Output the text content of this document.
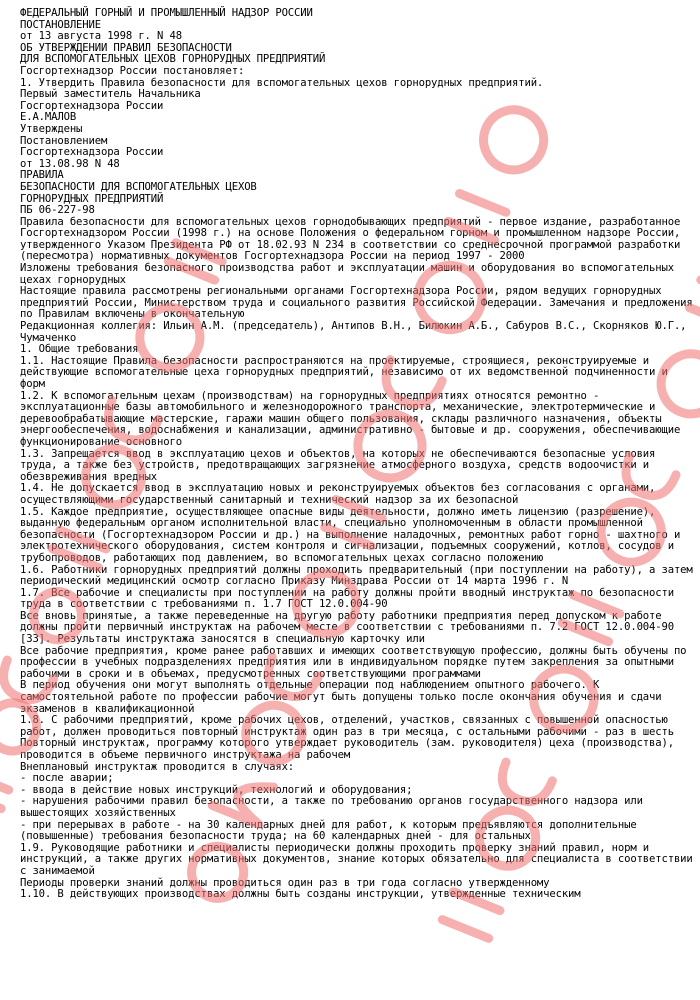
ФЕДЕРАЛЬНЫЙ ГОРНЫЙ И ПРОМЫШЛЕННЫЙ НАДЗОР РОССИИ
ПОСТАНОВЛЕНИЕ
от 13 августа 1998 г. N 48
ОБ УТВЕРЖДЕНИИ ПРАВИЛ БЕЗОПАСНОСТИ
ДЛЯ ВСПОМОГАТЕЛЬНЫХ ЦЕХОВ ГОРНОРУДНЫХ ПРЕДПРИЯТИЙ
Госгортехнадзор России постановляет:
1. Утвердить Правила безопасности для вспомогательных цехов горнорудных предприятий.
Первый заместитель Начальника
Госгортехнадзора России
Е.А.МАЛОВ
Утверждены
Постановлением
Госгортехнадзора России
от 13.08.98 N 48
ПРАВИЛА
БЕЗОПАСНОСТИ ДЛЯ ВСПОМОГАТЕЛЬНЫХ ЦЕХОВ
ГОРНОРУДНЫХ ПРЕДПРИЯТИЙ
ПБ 06-227-98
Правила безопасности для вспомогательных цехов горнодобывающих предприятий - первое издание, разработанное Госгортехнадзором России (1998 г.) на основе Положения о федеральном горном и промышленном надзоре России, утвержденного Указом Президента РФ от 18.02.93 N 234 в соответствии со среднесрочной программой разработки (пересмотра) нормативных документов Госгортехнадзора России на период 1997 - 2000
Изложены требования безопасного производства работ и эксплуатации машин и оборудования во вспомогательных цехах горнорудных
Настоящие правила рассмотрены региональными органами Госгортехнадзора России, рядом ведущих горнорудных предприятий России, Министерством труда и социального развития Российской Федерации. Замечания и предложения по Правилам включены в окончательную
Редакционная коллегия: Ильин А.М. (председатель), Антипов В.Н., Билюкин А.Б., Сабуров В.С., Скорняков Ю.Г., Чумаченко
1. Общие требования
1.1. Настоящие Правила безопасности распространяются на проектируемые, строящиеся, реконструируемые и действующие вспомогательные цеха горнорудных предприятий, независимо от их ведомственной подчиненности и форм
1.2. К вспомогательным цехам (производствам) на горнорудных предприятиях относятся ремонтно - эксплуатационные базы автомобильного и железнодорожного транспорта, механические, электротермические и деревообрабатывающие мастерские, гаражи машин общего пользования, склады различного назначения, объекты энергообеспечения, водоснабжения и канализации, административно - бытовые и др. сооружения, обеспечивающие функционирование основного
1.3. Запрещается ввод в эксплуатацию цехов и объектов, на которых не обеспечиваются безопасные условия труда, а также без устройств, предотвращающих загрязнение атмосферного воздуха, средств водоочистки и обезвреживания вредных
1.4. Не допускается ввод в эксплуатацию новых и реконструируемых объектов без согласования с органами, осуществляющими государственный санитарный и технический надзор за их безопасной
1.5. Каждое предприятие, осуществляющее опасные виды деятельности, должно иметь лицензию (разрешение), выданную федеральным органом исполнительной власти, специально уполномоченным в области промышленной безопасности (Госгортехнадзором России и др.) на выполнение наладочных, ремонтных работ горно - шахтного и электротехнического оборудования, систем контроля и сигнализации, подъемных сооружений, котлов, сосудов и трубопроводов, работающих под давлением, во вспомогательных цехах согласно положению
1.6. Работники горнорудных предприятий должны проходить предварительный (при поступлении на работу), а затем периодический медицинский осмотр согласно Приказу Минздрава России от 14 марта 1996 г. N
1.7. Все рабочие и специалисты при поступлении на работу должны пройти вводный инструктаж по безопасности труда в соответствии с требованиями п. 1.7 ГОСТ 12.0.004-90
Все вновь принятые, а также переведенные на другую работу работники предприятия перед допуском к работе должны пройти первичный инструктаж на рабочем месте в соответствии с требованиями п. 7.2 ГОСТ 12.0.004-90 [33]. Результаты инструктажа заносятся в специальную карточку или
Все рабочие предприятия, кроме ранее работавших и имеющих соответствующую профессию, должны быть обучены по профессии в учебных подразделениях предприятия или в индивидуальном порядке путем закрепления за опытными рабочими в сроки и в объемах, предусмотренных соответствующими программами
В период обучения они могут выполнять отдельные операции под наблюдением опытного рабочего. К самостоятельной работе по профессии рабочие могут быть допущены только после окончания обучения и сдачи экзаменов в квалификационной
1.8. С рабочими предприятий, кроме рабочих цехов, отделений, участков, связанных с повышенной опасностью работ, должен проводиться повторный инструктаж один раз в три месяца, с остальными рабочими - раз в шесть
Повторный инструктаж, программу которого утверждает руководитель (зам. руководителя) цеха (производства), проводится в объеме первичного инструктажа на рабочем
Внеплановый инструктаж проводится в случаях:
- после аварии;
- ввода в действие новых инструкций, технологий и оборудования;
- нарушения рабочими правил безопасности, а также по требованию органов государственного надзора или вышестоящих хозяйственных
- при перерывах в работе - на 30 календарных дней для работ, к которым предъявляются дополнительные (повышенные) требования безопасности труда; на 60 календарных дней - для остальных
1.9. Руководящие работники и специалисты периодически должны проходить проверку знаний правил, норм и инструкций, а также других нормативных документов, знание которых обязательно для специалиста в соответствии с занимаемой
Периоды проверки знаний должны проводиться один раз в три года согласно утвержденному
1.10. В действующих производствах должны быть созданы инструкции, утвержденные техническим
